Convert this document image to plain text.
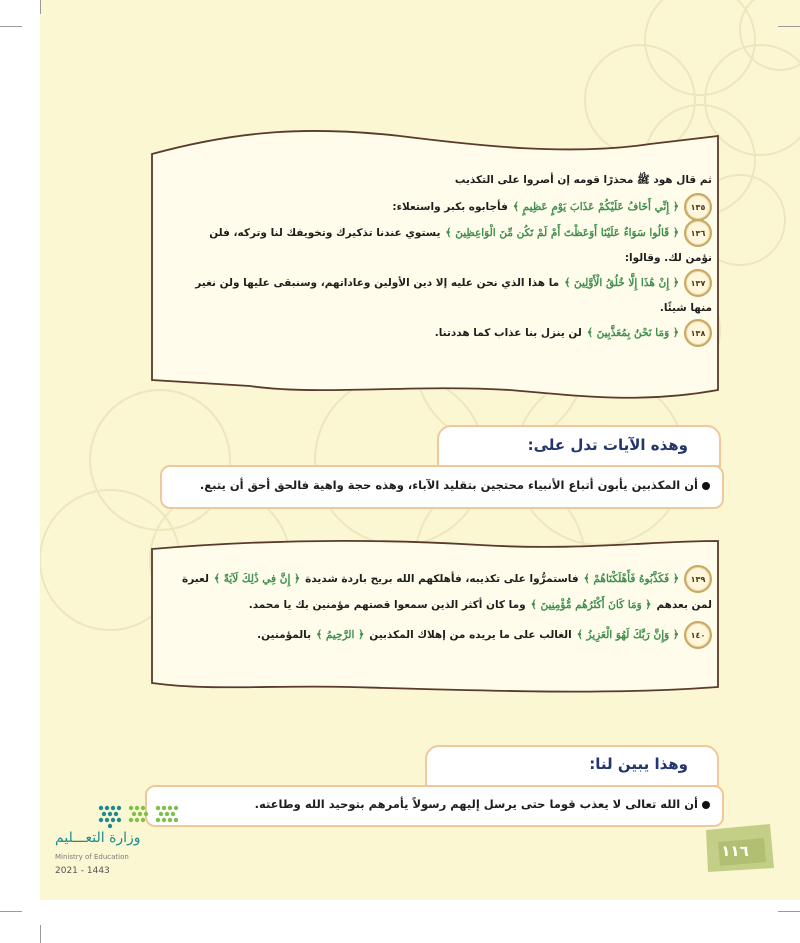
ثم قال هود ﷺ محذرًا قومه إن أصروا على التكذيب
١٣٥
﴿ إِنِّي أَخَافُ عَلَيْكُمْ عَذَابَ يَوْمٍ عَظِيمٍ ﴾
فأجابوه بكبر واستعلاء:
١٣٦
﴿ قَالُوا سَوَاءٌ عَلَيْنَا أَوَعَظْتَ أَمْ لَمْ تَكُن مِّنَ الْوَاعِظِينَ ﴾
يستوي عندنا تذكيرك وتخويفك لنا وتركه، فلن
نؤمن لك. وقالوا:
١٣٧
﴿ إِنْ هَٰذَا إِلَّا خُلُقُ الْأَوَّلِينَ ﴾
ما هذا الذي نحن عليه إلا دين الأولين وعاداتهم، وسنبقى عليها ولن نغير
منها شيئًا.
١٣٨
﴿ وَمَا نَحْنُ بِمُعَذَّبِينَ ﴾
لن ينزل بنا عذاب كما هددتنا.
وهذه الآيات تدل على:
أن المكذبين يأبون أتباع الأنبياء محتجين بتقليد الآباء، وهذه حجة واهية فالحق أحق أن يتبع.
١٣٩
﴿ فَكَذَّبُوهُ فَأَهْلَكْنَاهُمْ ﴾
فاستمرُّوا على تكذيبه، فأهلكهم الله بريح باردة شديدة
﴿ إِنَّ فِي ذَٰلِكَ لَآيَةً ﴾
لعبرة
لمن بعدهم
﴿ وَمَا كَانَ أَكْثَرُهُم مُّؤْمِنِينَ ﴾
وما كان أكثر الذين سمعوا قصتهم مؤمنين بك يا محمد.
١٤٠
﴿ وَإِنَّ رَبَّكَ لَهُوَ الْعَزِيزُ ﴾
الغالب على ما يريده من إهلاك المكذبين
﴿ الرَّحِيمُ ﴾
بالمؤمنين.
وهذا يبين لنا:
أن الله تعالى لا يعذب قوما حتى يرسل إليهم رسولاً يأمرهم بتوحيد الله وطاعته.
وزارة التعـــليم
Ministry of Education
2021 - 1443
١١٦
